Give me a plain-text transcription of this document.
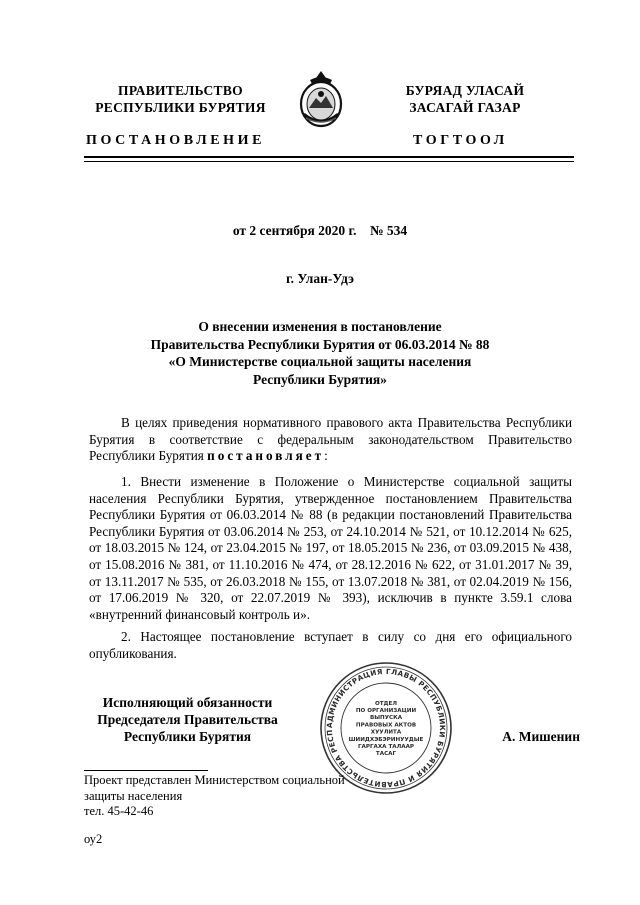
ПРАВИТЕЛЬСТВО
РЕСПУБЛИКИ БУРЯТИЯ
БУРЯАД УЛАСАЙ
ЗАСАГАЙ ГАЗАР
ПОСТАНОВЛЕНИЕ	ТОГТООЛ
от 2 сентября 2020 г.    № 534
г. Улан-Удэ
О внесении изменения в постановление
Правительства Республики Бурятия от 06.03.2014 № 88
«О Министерстве социальной защиты населения
Республики Бурятия»
В целях приведения нормативного правового акта Правительства Республики Бурятия в соответствие с федеральным законодательством Правительство Республики Бурятия постановляет:
1. Внести изменение в Положение о Министерстве социальной защиты населения Республики Бурятия, утвержденное постановлением Правительства Республики Бурятия от 06.03.2014 № 88 (в редакции постановлений Правительства Республики Бурятия от 03.06.2014 № 253, от 24.10.2014 № 521, от 10.12.2014 № 625, от 18.03.2015 № 124, от 23.04.2015 № 197, от 18.05.2015 № 236, от 03.09.2015 № 438, от 15.08.2016 № 381, от 11.10.2016 № 474, от 28.12.2016 № 622, от 31.01.2017 № 39, от 13.11.2017 № 535, от 26.03.2018 № 155, от 13.07.2018 № 381, от 02.04.2019 № 156, от 17.06.2019 № 320, от 22.07.2019 № 393), исключив в пункте 3.59.1 слова «внутренний финансовый контроль и».
2. Настоящее постановление вступает в силу со дня его официального опубликования.
Исполняющий обязанности
Председателя Правительства
Республики Бурятия
АДМИНИСТРАЦИЯ ГЛАВЫ РЕСПУБЛИКИ БУРЯТИЯ И ПРАВИТЕЛЬСТВА РЕСП
ОТДЕЛ ПО ОРГАНИЗАЦИИ ВЫПУСКА ПРАВОВЫХ АКТОВ ХУУЛИТА ШИИДХЭБЭРИНУУДЫЕ ГАРГАХА ТАЛААР ТАСАГ
А. Мишенин
Проект представлен Министерством социальной
защиты населения
тел. 45-42-46
оу2
